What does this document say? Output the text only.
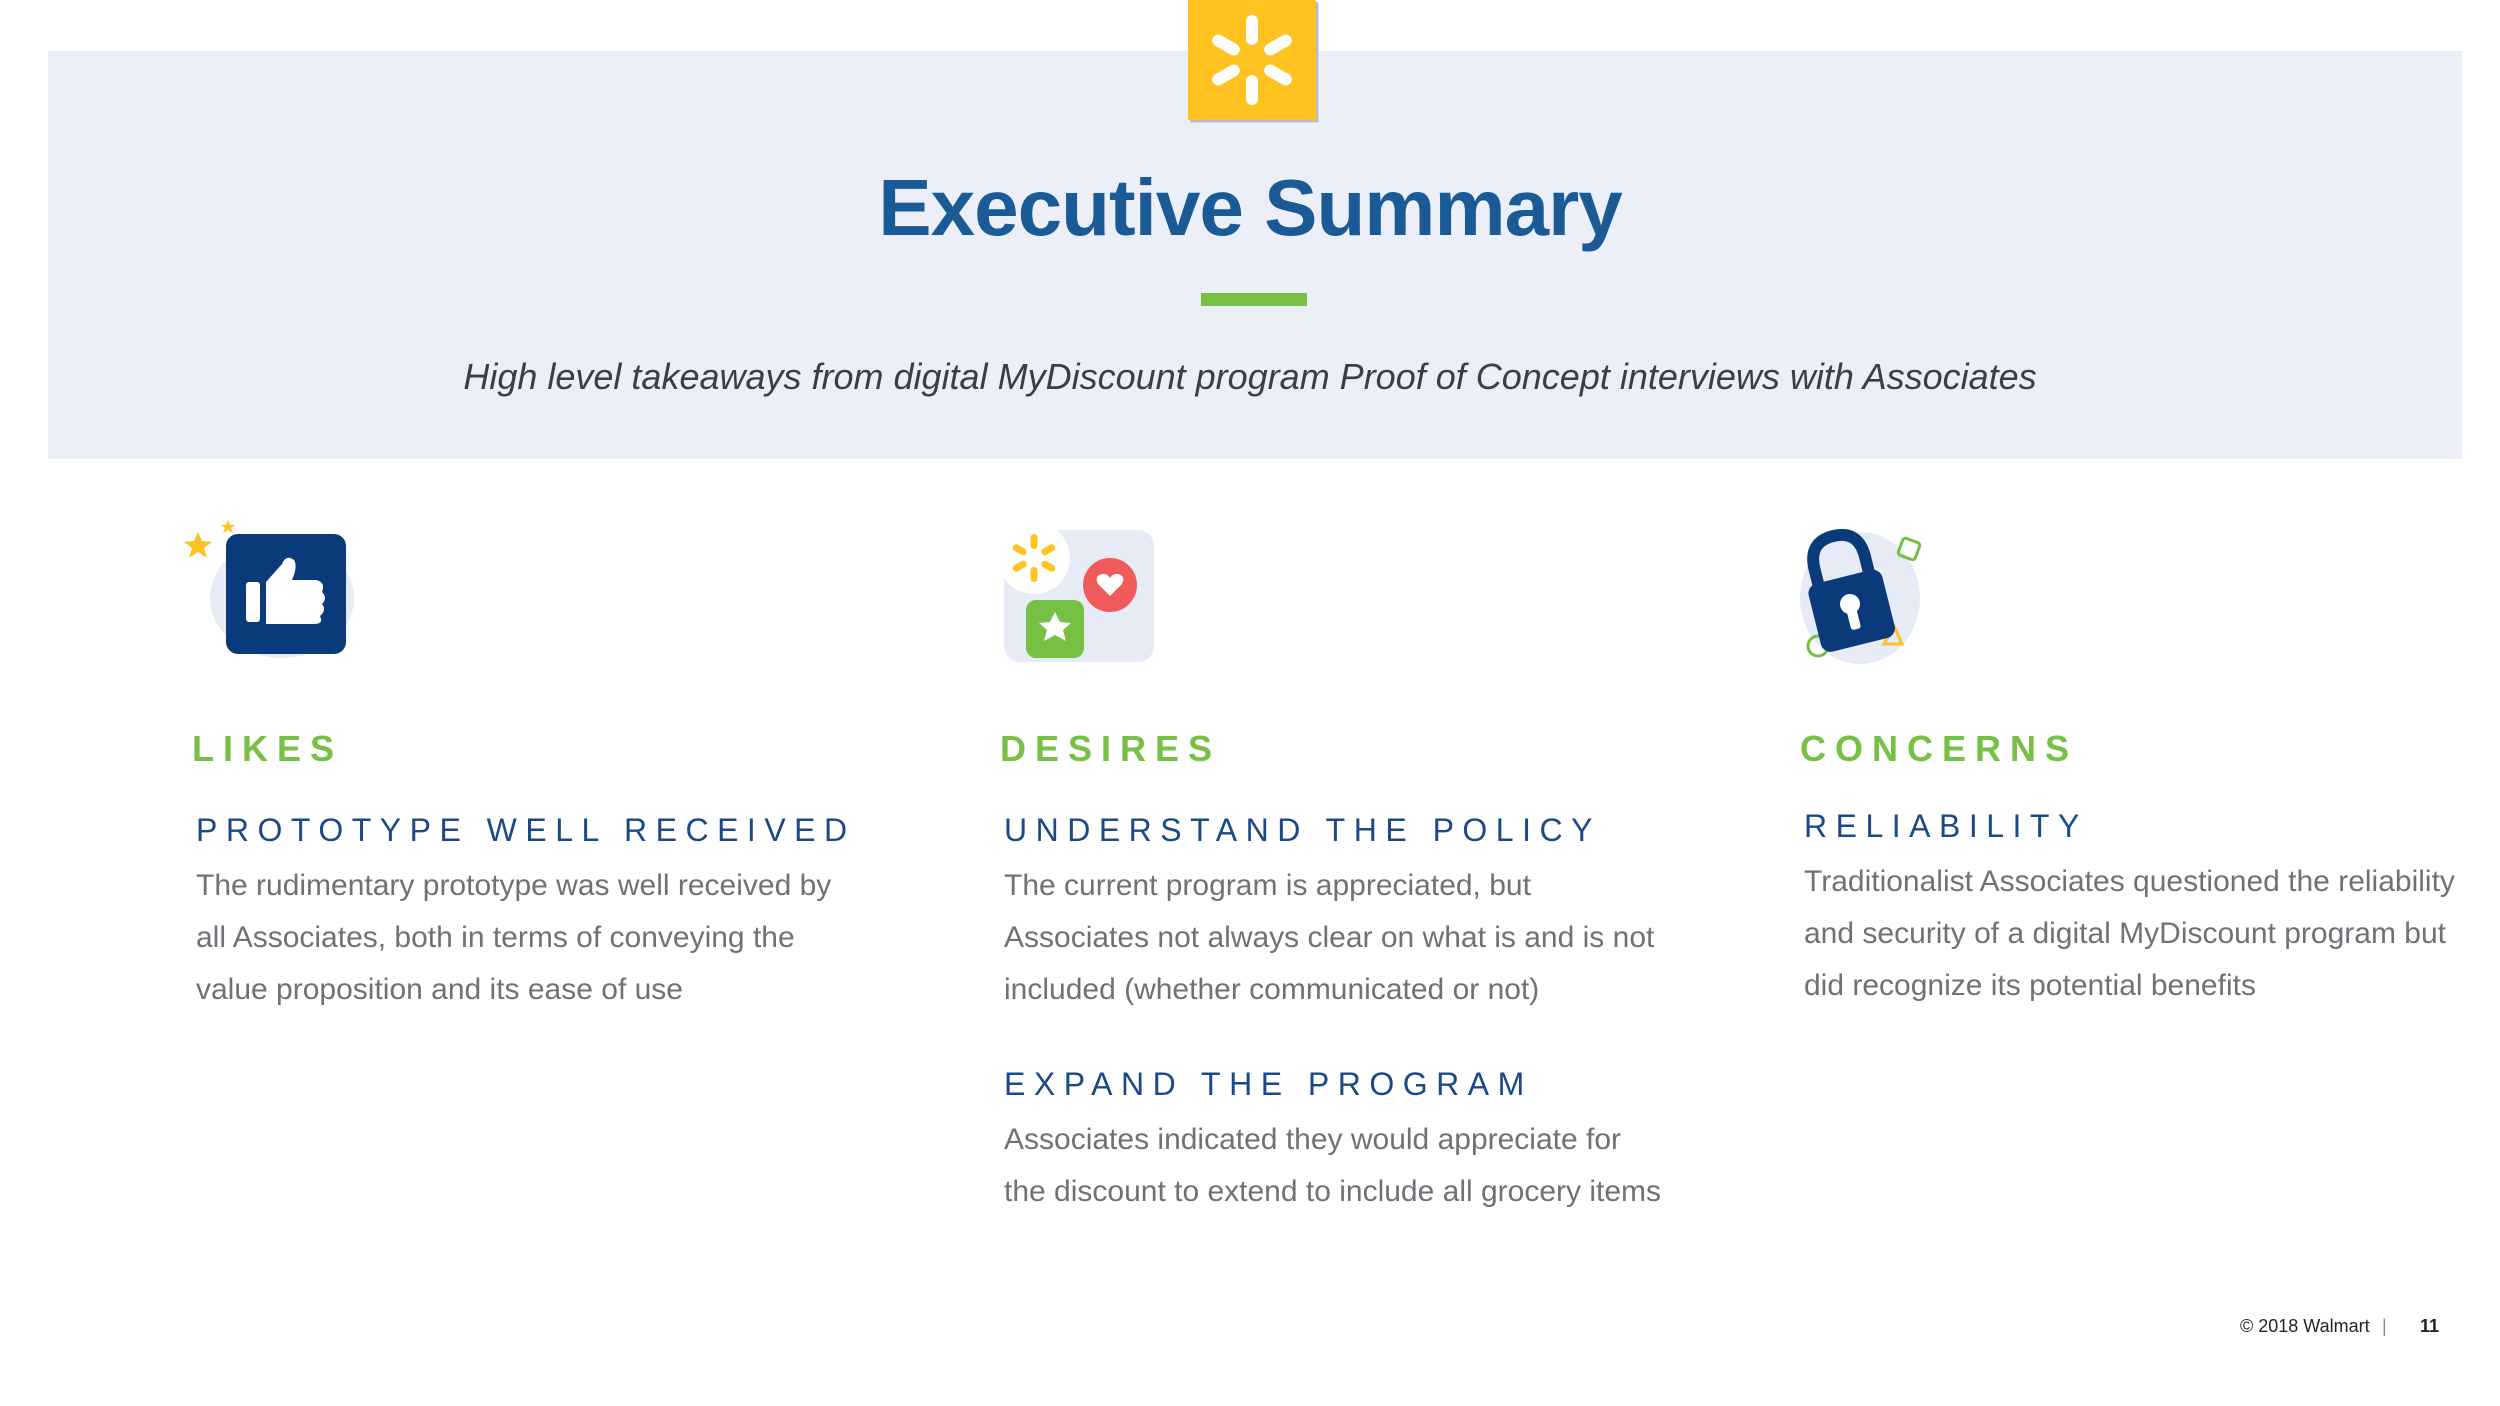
Executive Summary
High level takeaways from digital MyDiscount program Proof of Concept interviews with Associates
LIKES
PROTOTYPE WELL RECEIVED
The rudimentary prototype was well received by all Associates, both in terms of conveying the value proposition and its ease of use
DESIRES
UNDERSTAND THE POLICY
The current program is appreciated, but Associates not always clear on what is and is not included (whether communicated or not)
EXPAND THE PROGRAM
Associates indicated they would appreciate for the discount to extend to include all grocery items
CONCERNS
RELIABILITY
Traditionalist Associates questioned the reliability and security of a digital MyDiscount program but did recognize its potential benefits
© 2018 Walmart | 11
